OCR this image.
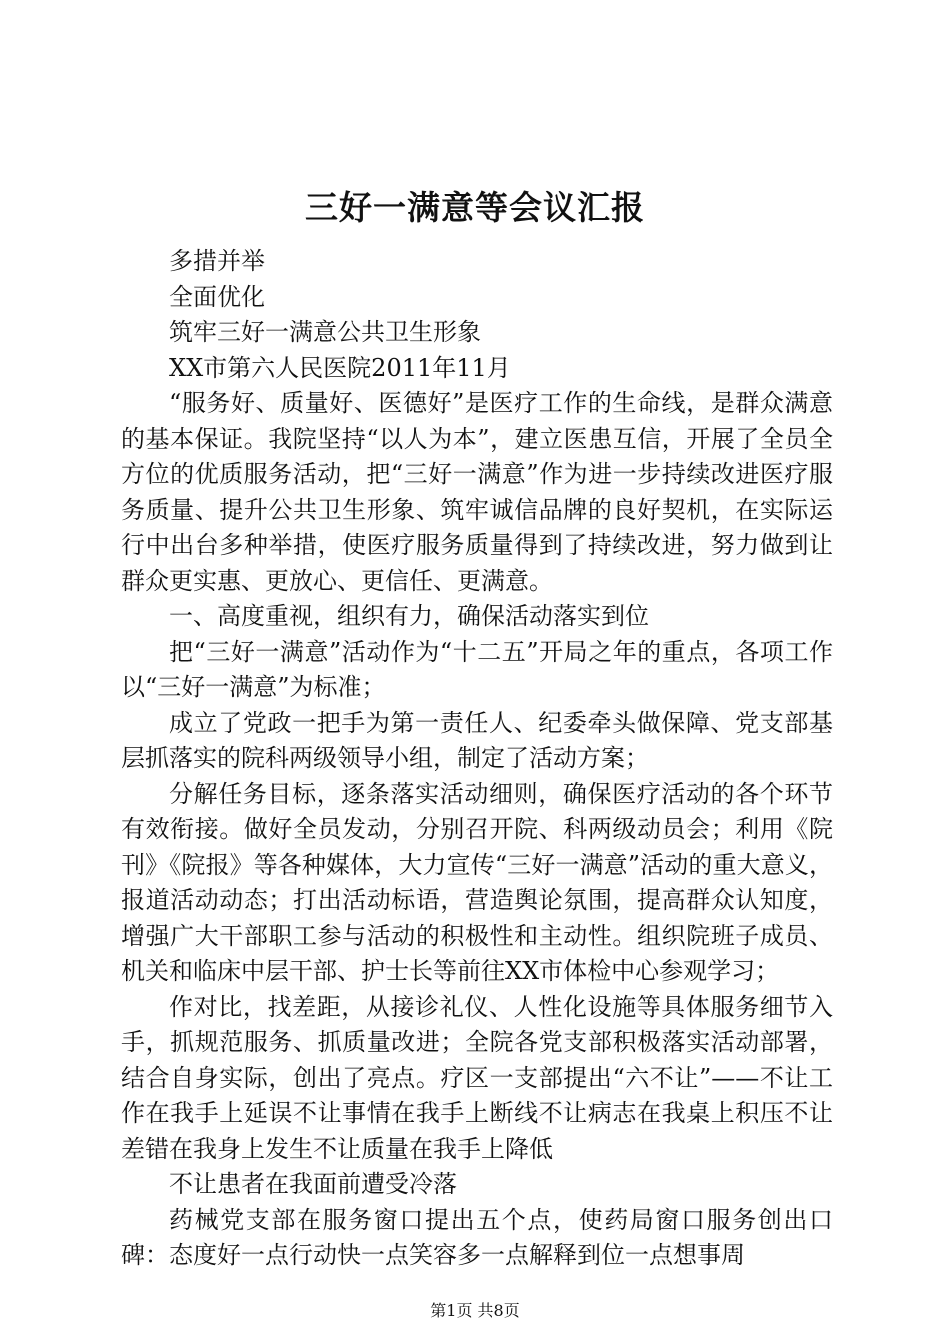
三好一满意等会议汇报

多措并举

全面优化

筑牢三好一满意公共卫生形象

XX市第六人民医院2011年11月

“服务好、质量好、医德好”是医疗工作的生命线，是群众满意的基本保证。我院坚持“以人为本”，建立医患互信，开展了全员全方位的优质服务活动，把“三好一满意”作为进一步持续改进医疗服务质量、提升公共卫生形象、筑牢诚信品牌的良好契机，在实际运行中出台多种举措，使医疗服务质量得到了持续改进，努力做到让群众更实惠、更放心、更信任、更满意。

一、高度重视，组织有力，确保活动落实到位

把“三好一满意”活动作为“十二五”开局之年的重点，各项工作以“三好一满意”为标准；

成立了党政一把手为第一责任人、纪委牵头做保障、党支部基层抓落实的院科两级领导小组，制定了活动方案；

分解任务目标，逐条落实活动细则，确保医疗活动的各个环节有效衔接。做好全员发动，分别召开院、科两级动员会；利用《院刊》《院报》等各种媒体，大力宣传“三好一满意”活动的重大意义，报道活动动态；打出活动标语，营造舆论氛围，提高群众认知度，增强广大干部职工参与活动的积极性和主动性。组织院班子成员、机关和临床中层干部、护士长等前往XX市体检中心参观学习；

作对比，找差距，从接诊礼仪、人性化设施等具体服务细节入手，抓规范服务、抓质量改进；全院各党支部积极落实活动部署，结合自身实际，创出了亮点。疗区一支部提出“六不让”——不让工作在我手上延误不让事情在我手上断线不让病志在我桌上积压不让差错在我身上发生不让质量在我手上降低

不让患者在我面前遭受冷落

药械党支部在服务窗口提出五个点，使药局窗口服务创出口碑：态度好一点行动快一点笑容多一点解释到位一点想事周

第1页 共8页
